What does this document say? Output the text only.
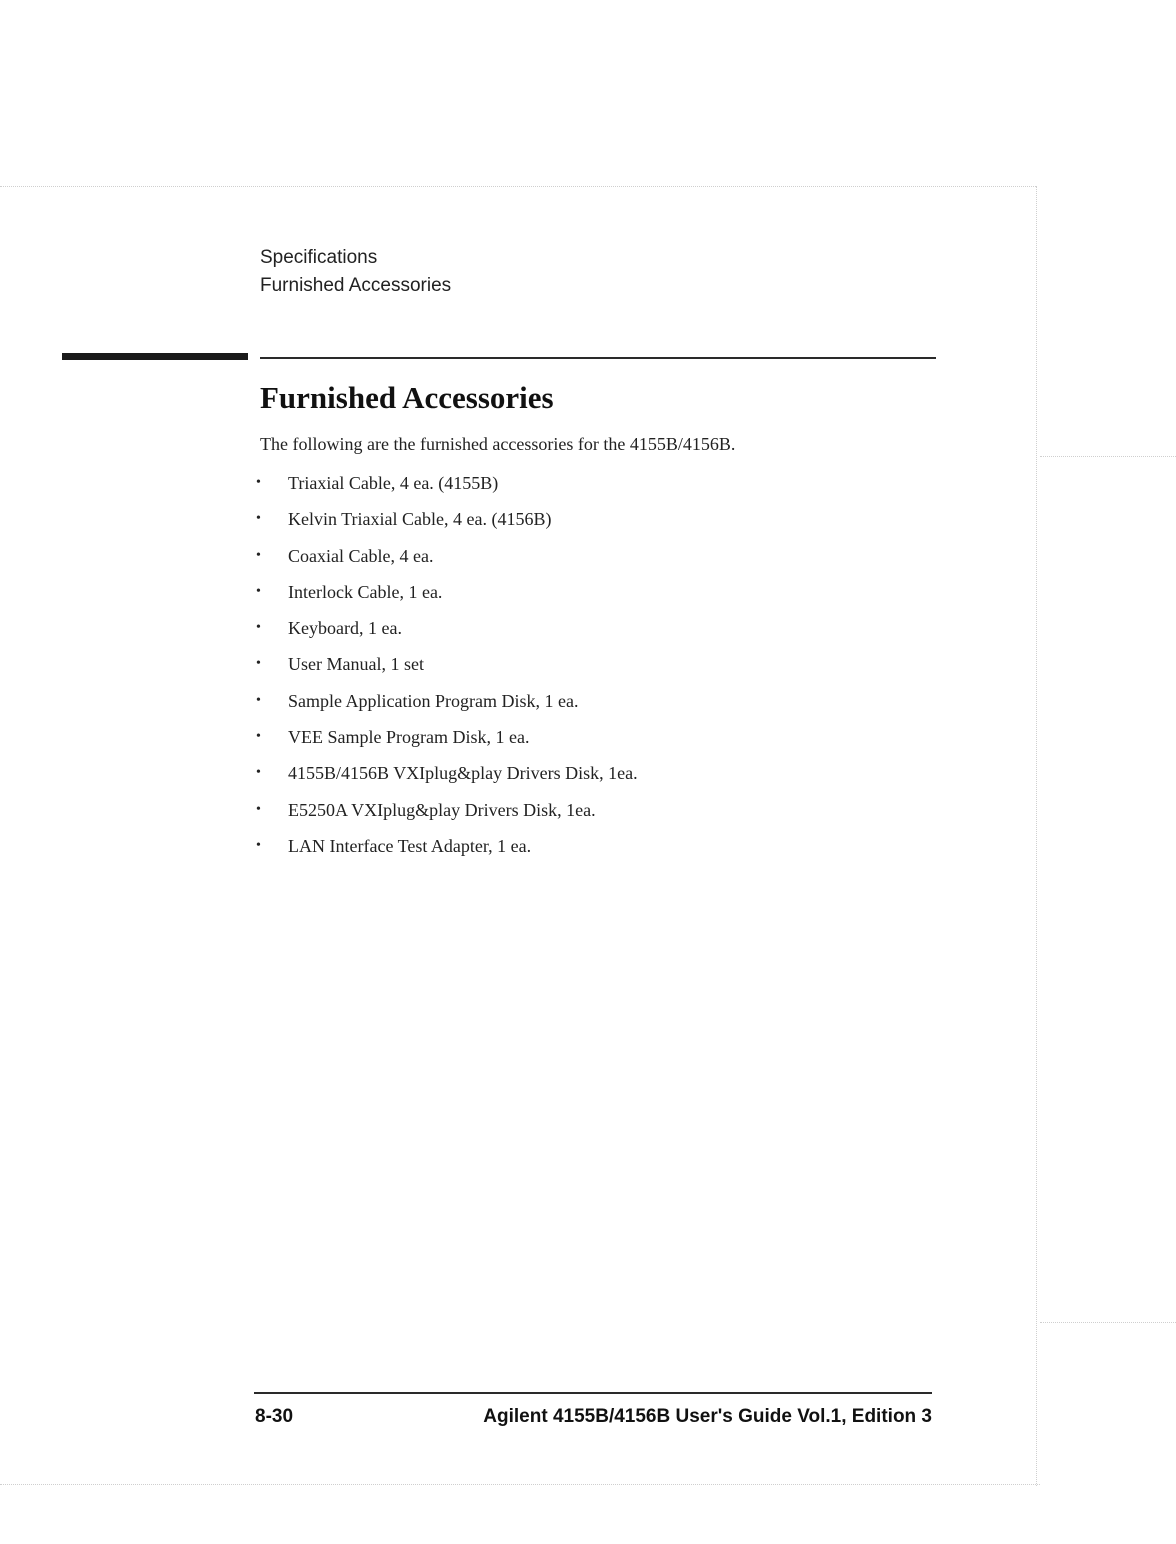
Specifications
Furnished Accessories
Furnished Accessories

The following are the furnished accessories for the 4155B/4156B.

• Triaxial Cable, 4 ea. (4155B)
• Kelvin Triaxial Cable, 4 ea. (4156B)
• Coaxial Cable, 4 ea.
• Interlock Cable, 1 ea.
• Keyboard, 1 ea.
• User Manual, 1 set
• Sample Application Program Disk, 1 ea.
• VEE Sample Program Disk, 1 ea.
• 4155B/4156B VXIplug&play Drivers Disk, 1ea.
• E5250A VXIplug&play Drivers Disk, 1ea.
• LAN Interface Test Adapter, 1 ea.
8-30	Agilent 4155B/4156B User's Guide Vol.1, Edition 3
